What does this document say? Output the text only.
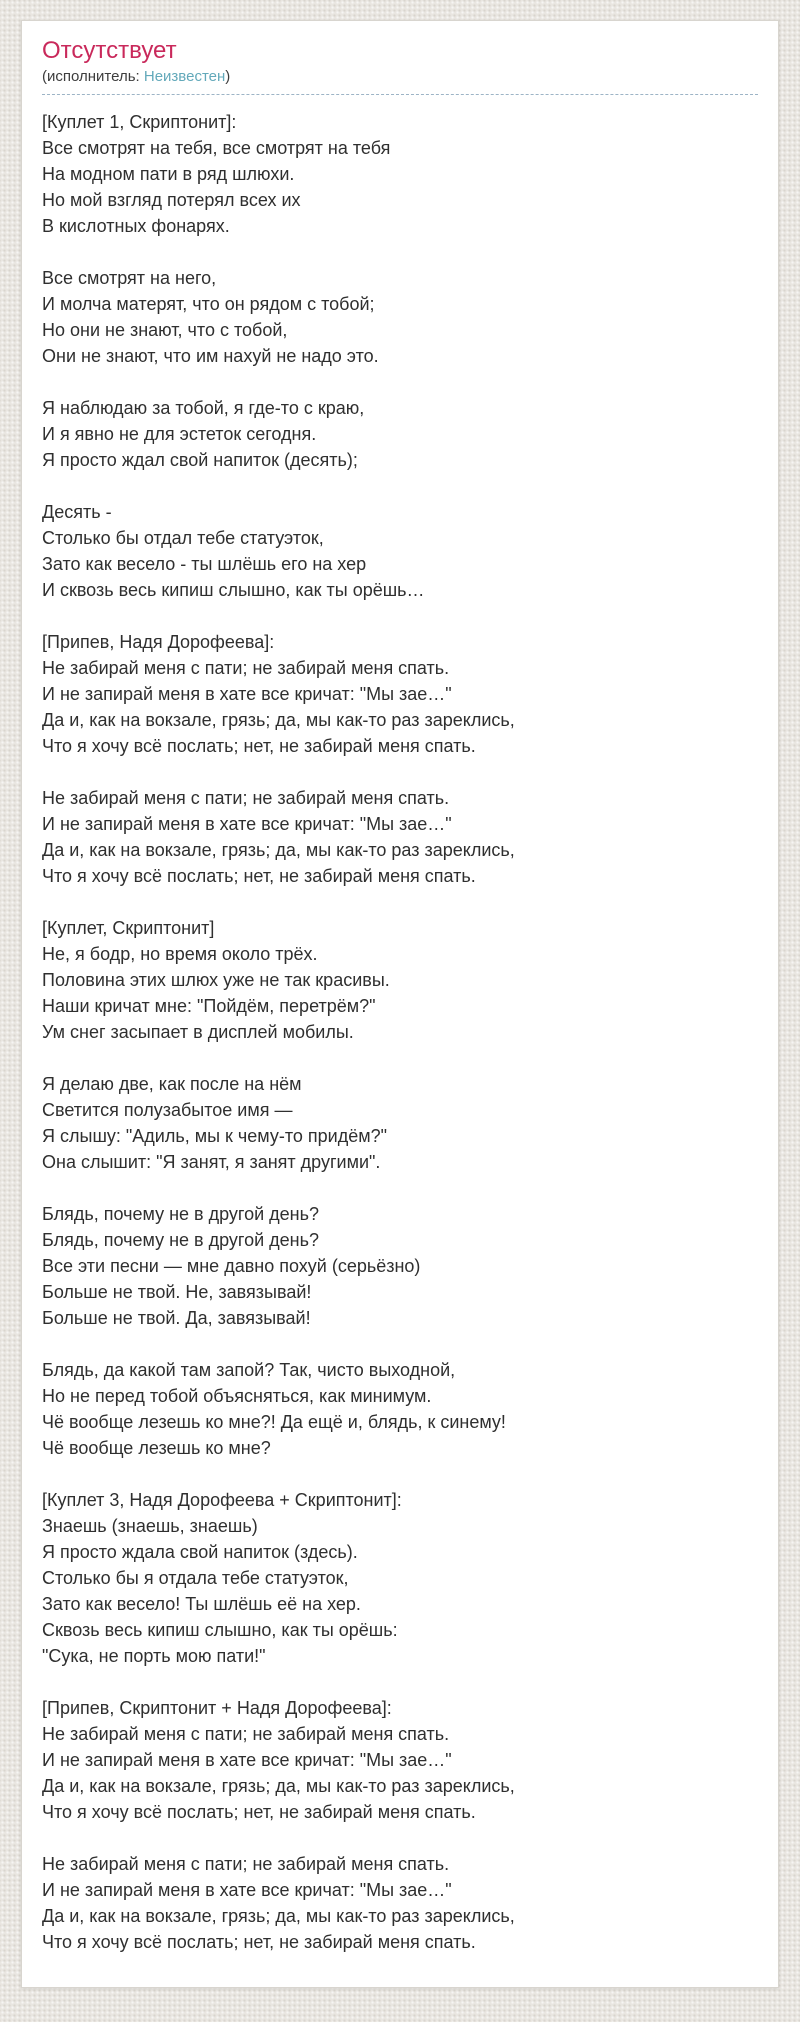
Отсутствует
(исполнитель: Неизвестен)

[Куплет 1, Скриптонит]:
Все смотрят на тебя, все смотрят на тебя
На модном пати в ряд шлюхи.
Но мой взгляд потерял всех их
В кислотных фонарях.

Все смотрят на него,
И молча матерят, что он рядом с тобой;
Но они не знают, что с тобой,
Они не знают, что им нахуй не надо это.

Я наблюдаю за тобой, я где-то с краю,
И я явно не для эстеток сегодня.
Я просто ждал свой напиток (десять);

Десять -
Столько бы отдал тебе статуэток,
Зато как весело - ты шлёшь его на хер
И сквозь весь кипиш слышно, как ты орёшь…

[Припев, Надя Дорофеева]:
Не забирай меня с пати; не забирай меня спать.
И не запирай меня в хате все кричат: "Мы зае…"
Да и, как на вокзале, грязь; да, мы как-то раз зареклись,
Что я хочу всё послать; нет, не забирай меня спать.

Не забирай меня с пати; не забирай меня спать.
И не запирай меня в хате все кричат: "Мы зае…"
Да и, как на вокзале, грязь; да, мы как-то раз зареклись,
Что я хочу всё послать; нет, не забирай меня спать.

[Куплет, Скриптонит]
Не, я бодр, но время около трёх.
Половина этих шлюх уже не так красивы.
Наши кричат мне: "Пойдём, перетрём?"
Ум снег засыпает в дисплей мобилы.

Я делаю две, как после на нём
Светится полузабытое имя —
Я слышу: "Адиль, мы к чему-то придём?"
Она слышит: "Я занят, я занят другими".

Блядь, почему не в другой день?
Блядь, почему не в другой день?
Все эти песни — мне давно похуй (серьёзно)
Больше не твой. Не, завязывай!
Больше не твой. Да, завязывай!

Блядь, да какой там запой? Так, чисто выходной,
Но не перед тобой объясняться, как минимум.
Чё вообще лезешь ко мне?! Да ещё и, блядь, к синему!
Чё вообще лезешь ко мне?

[Куплет 3, Надя Дорофеева + Скриптонит]:
Знаешь (знаешь, знаешь)
Я просто ждала свой напиток (здесь).
Столько бы я отдала тебе статуэток,
Зато как весело! Ты шлёшь её на хер.
Сквозь весь кипиш слышно, как ты орёшь:
"Сука, не порть мою пати!"

[Припев, Скриптонит + Надя Дорофеева]:
Не забирай меня с пати; не забирай меня спать.
И не запирай меня в хате все кричат: "Мы зае…"
Да и, как на вокзале, грязь; да, мы как-то раз зареклись,
Что я хочу всё послать; нет, не забирай меня спать.

Не забирай меня с пати; не забирай меня спать.
И не запирай меня в хате все кричат: "Мы зае…"
Да и, как на вокзале, грязь; да, мы как-то раз зареклись,
Что я хочу всё послать; нет, не забирай меня спать.
